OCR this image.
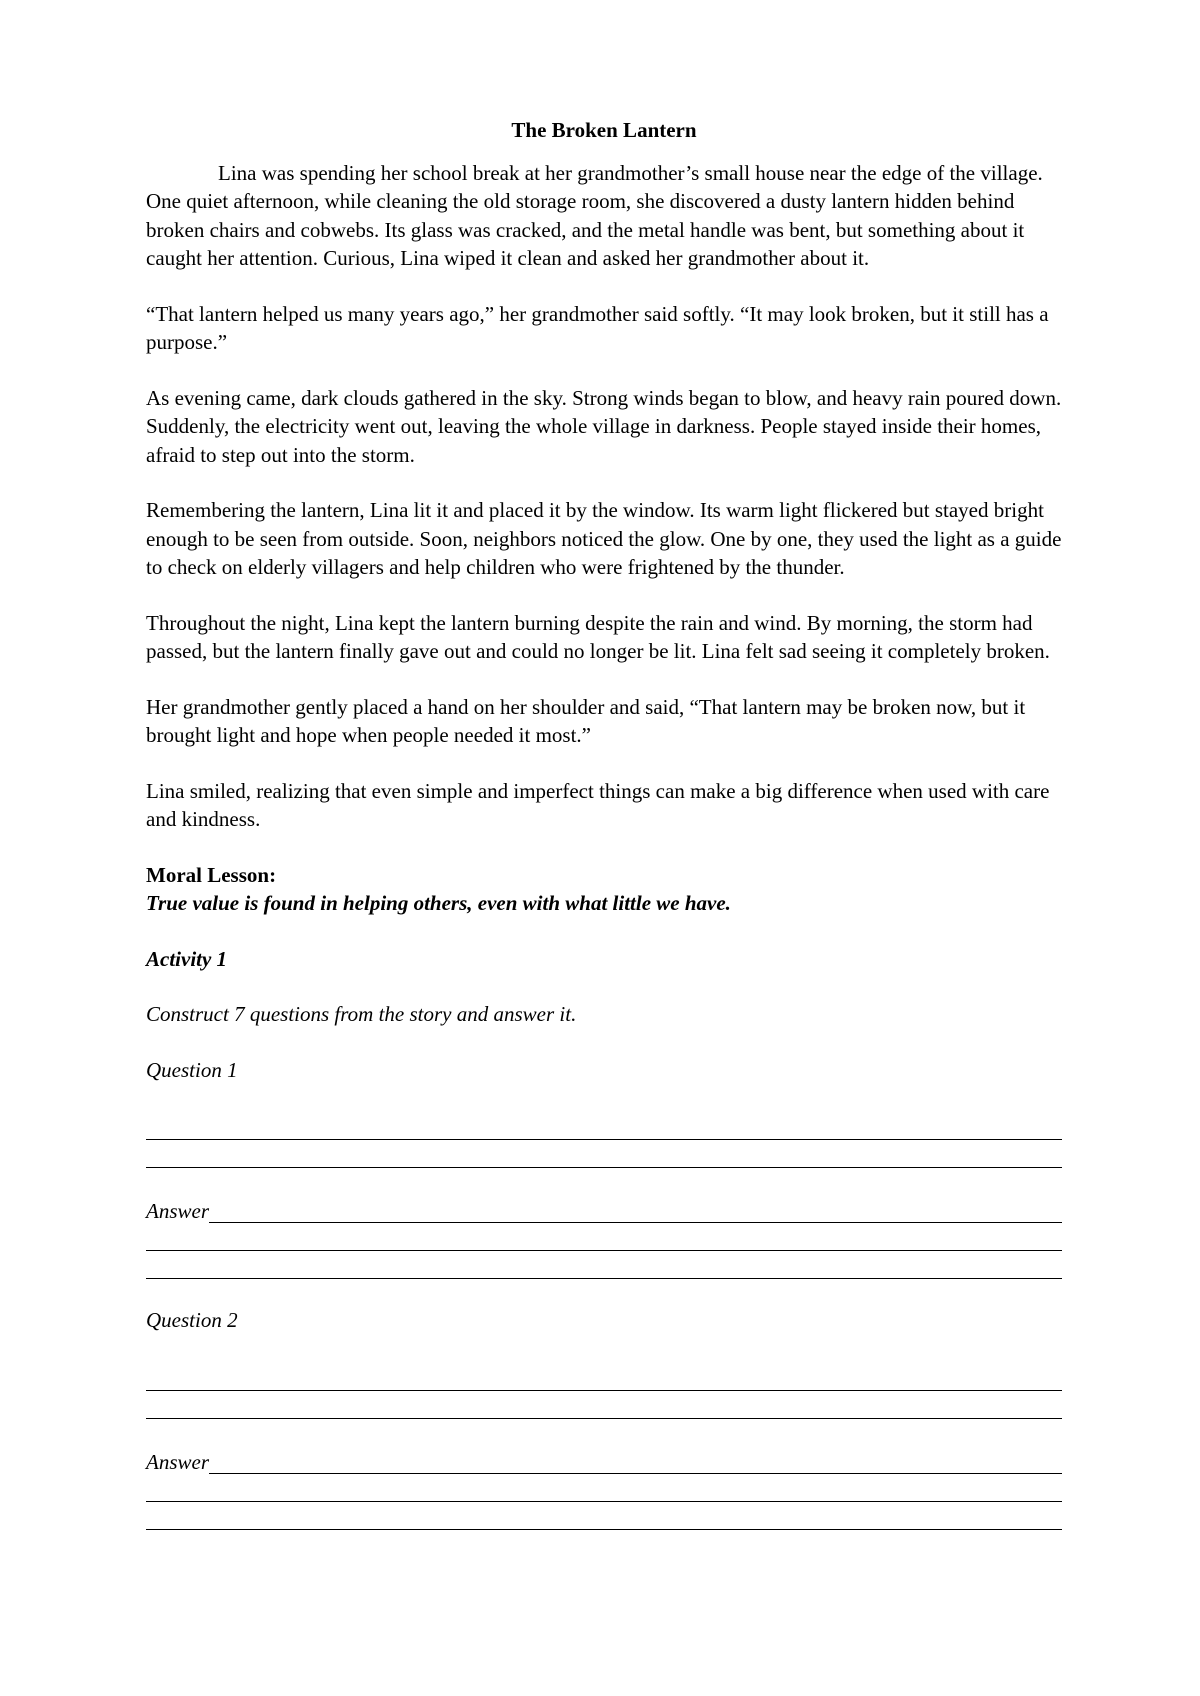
The Broken Lantern

Lina was spending her school break at her grandmother’s small house near the edge of the village. One quiet afternoon, while cleaning the old storage room, she discovered a dusty lantern hidden behind broken chairs and cobwebs. Its glass was cracked, and the metal handle was bent, but something about it caught her attention. Curious, Lina wiped it clean and asked her grandmother about it.

“That lantern helped us many years ago,” her grandmother said softly. “It may look broken, but it still has a purpose.”

As evening came, dark clouds gathered in the sky. Strong winds began to blow, and heavy rain poured down. Suddenly, the electricity went out, leaving the whole village in darkness. People stayed inside their homes, afraid to step out into the storm.

Remembering the lantern, Lina lit it and placed it by the window. Its warm light flickered but stayed bright enough to be seen from outside. Soon, neighbors noticed the glow. One by one, they used the light as a guide to check on elderly villagers and help children who were frightened by the thunder.

Throughout the night, Lina kept the lantern burning despite the rain and wind. By morning, the storm had passed, but the lantern finally gave out and could no longer be lit. Lina felt sad seeing it completely broken.

Her grandmother gently placed a hand on her shoulder and said, “That lantern may be broken now, but it brought light and hope when people needed it most.”

Lina smiled, realizing that even simple and imperfect things can make a big difference when used with care and kindness.

Moral Lesson:
True value is found in helping others, even with what little we have.
Activity 1
Construct 7 questions from the story and answer it.
Question 1
Answer
Question 2
Answer
